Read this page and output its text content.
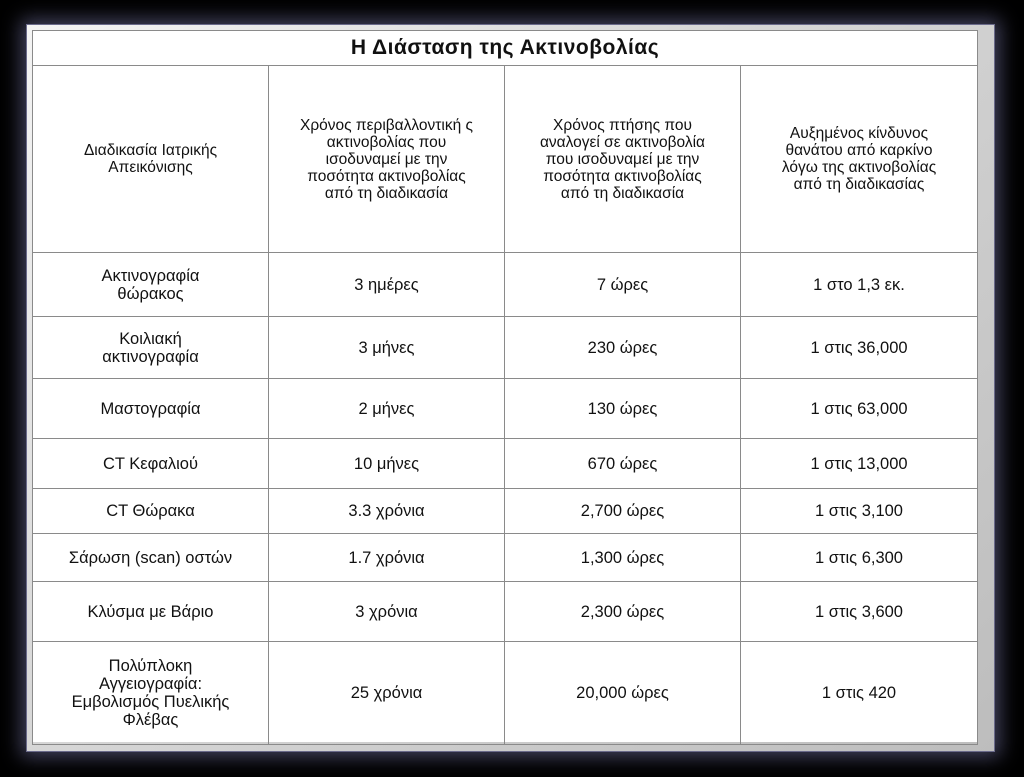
Η Διάσταση της Ακτινοβολίας			
Διαδικασία Ιατρικής Απεικόνισης	Χρόνος περιβαλλοντική ς ακτινοβολίας που ισοδυναμεί με την ποσότητα ακτινοβολίας από τη διαδικασία	Χρόνος πτήσης που αναλογεί σε ακτινοβολία που ισοδυναμεί με την ποσότητα ακτινοβολίας από τη διαδικασία	Αυξημένος κίνδυνος θανάτου από καρκίνο λόγω της ακτινοβολίας από τη διαδικασίας
Ακτινογραφία θώρακος	3 ημέρες	7 ώρες	1 στο 1,3 εκ.
Κοιλιακή ακτινογραφία	3 μήνες	230 ώρες	1 στις 36,000
Μαστογραφία	2 μήνες	130 ώρες	1 στις 63,000
CT Κεφαλιού	10 μήνες	670 ώρες	1 στις 13,000
CT Θώρακα	3.3 χρόνια	2,700 ώρες	1 στις 3,100
Σάρωση (scan) οστών	1.7 χρόνια	1,300 ώρες	1 στις 6,300
Κλύσμα με Βάριο	3 χρόνια	2,300 ώρες	1 στις 3,600
Πολύπλοκη Αγγειογραφία: Εμβολισμός Πυελικής Φλέβας	25 χρόνια	20,000 ώρες	1 στις 420
